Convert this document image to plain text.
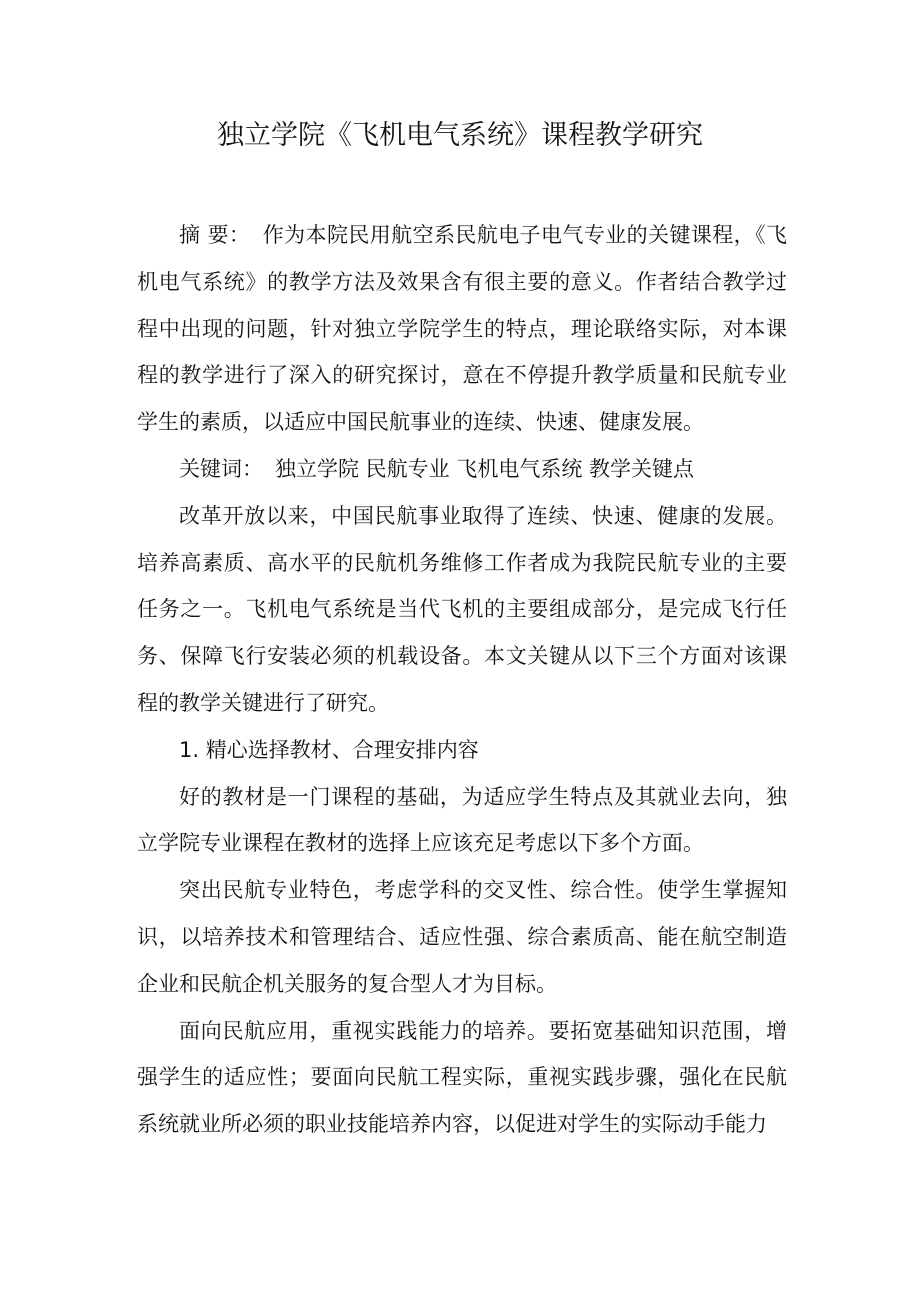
独立学院《飞机电气系统》课程教学研究

摘 要： 作为本院民用航空系民航电子电气专业的关键课程，《飞机电气系统》的教学方法及效果含有很主要的意义。作者结合教学过程中出现的问题，针对独立学院学生的特点，理论联络实际，对本课程的教学进行了深入的研究探讨，意在不停提升教学质量和民航专业学生的素质，以适应中国民航事业的连续、快速、健康发展。

关键词： 独立学院 民航专业 飞机电气系统 教学关键点

改革开放以来，中国民航事业取得了连续、快速、健康的发展。培养高素质、高水平的民航机务维修工作者成为我院民航专业的主要任务之一。飞机电气系统是当代飞机的主要组成部分，是完成飞行任务、保障飞行安装必须的机载设备。本文关键从以下三个方面对该课程的教学关键进行了研究。

1. 精心选择教材、合理安排内容

好的教材是一门课程的基础，为适应学生特点及其就业去向，独立学院专业课程在教材的选择上应该充足考虑以下多个方面。

突出民航专业特色，考虑学科的交叉性、综合性。使学生掌握知识，以培养技术和管理结合、适应性强、综合素质高、能在航空制造企业和民航企机关服务的复合型人才为目标。

面向民航应用，重视实践能力的培养。要拓宽基础知识范围，增强学生的适应性；要面向民航工程实际，重视实践步骤，强化在民航系统就业所必须的职业技能培养内容，以促进对学生的实际动手能力
